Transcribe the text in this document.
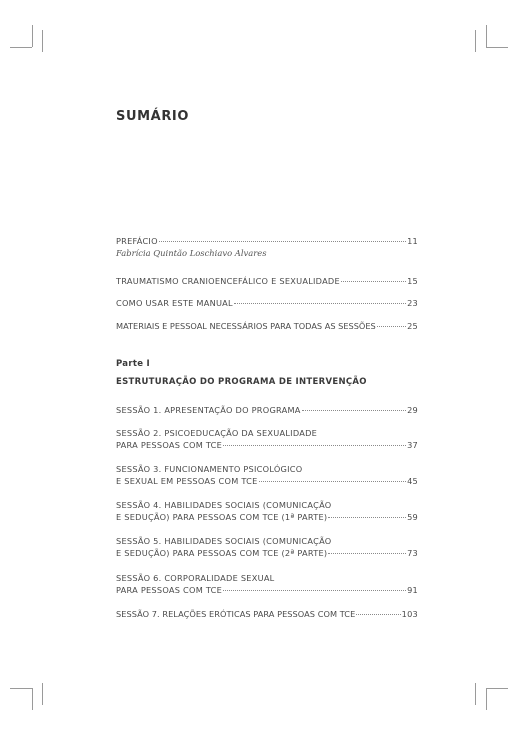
SUMÁRIO
PREFÁCIO	11
Fabrícia Quintão Loschiavo Alvares
TRAUMATISMO CRANIOENCEFÁLICO E SEXUALIDADE	15
COMO USAR ESTE MANUAL	23
MATERIAIS E PESSOAL NECESSÁRIOS PARA TODAS AS SESSÕES	25
Parte I
ESTRUTURAÇÃO DO PROGRAMA DE INTERVENÇÃO
SESSÃO 1. APRESENTAÇÃO DO PROGRAMA	29
SESSÃO 2. PSICOEDUCAÇÃO DA SEXUALIDADE
PARA PESSOAS COM TCE	37
SESSÃO 3. FUNCIONAMENTO PSICOLÓGICO
E SEXUAL EM PESSOAS COM TCE	45
SESSÃO 4. HABILIDADES SOCIAIS (COMUNICAÇÃO
E SEDUÇÃO) PARA PESSOAS COM TCE (1ª PARTE)	59
SESSÃO 5. HABILIDADES SOCIAIS (COMUNICAÇÃO
E SEDUÇÃO) PARA PESSOAS COM TCE (2ª PARTE)	73
SESSÃO 6. CORPORALIDADE SEXUAL
PARA PESSOAS COM TCE	91
SESSÃO 7. RELAÇÕES ERÓTICAS PARA PESSOAS COM TCE	103
